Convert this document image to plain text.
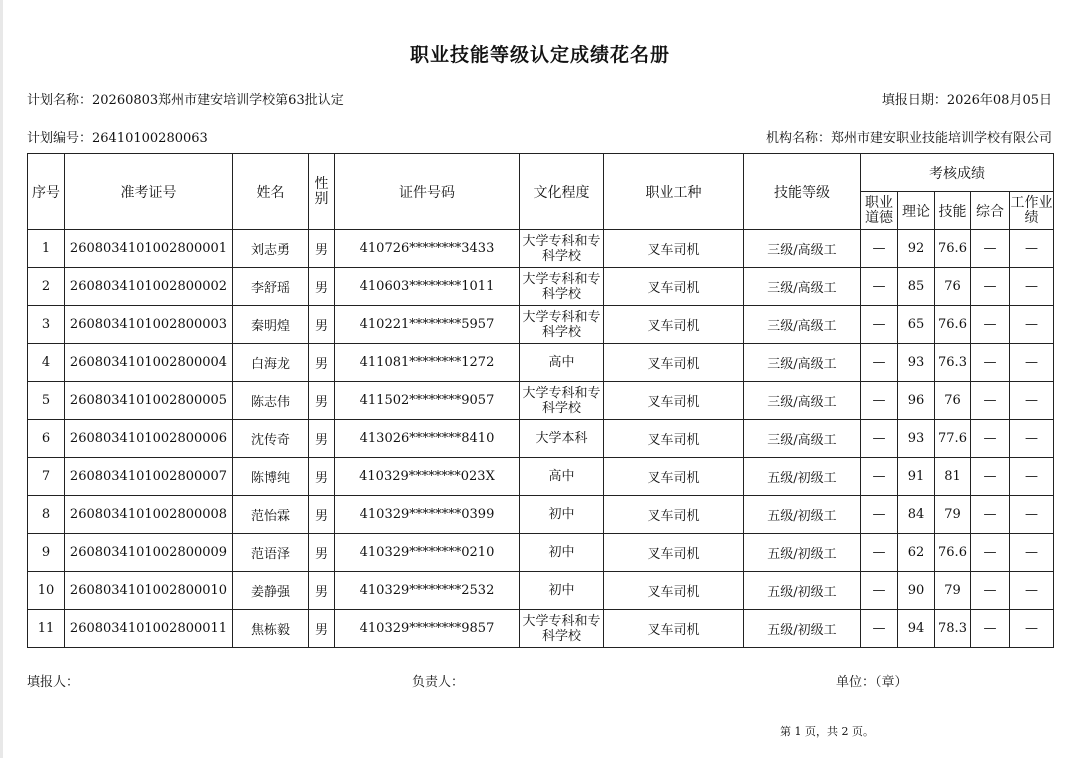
职业技能等级认定成绩花名册
计划名称：20260803郑州市建安培训学校第63批认定	填报日期：2026年08月05日
计划编号：26410100280063	机构名称：郑州市建安职业技能培训学校有限公司
序号	准考证号	姓名	性别	证件号码	文化程度	职业工种	技能等级	考核成绩				
								职业道德	理论	技能	综合	工作业绩
1	2608034101002800001	刘志勇	男	410726********3433	大学专科和专科学校	叉车司机	三级/高级工	—	92	76.6	—	—
2	2608034101002800002	李舒瑶	男	410603********1011	大学专科和专科学校	叉车司机	三级/高级工	—	85	76	—	—
3	2608034101002800003	秦明煌	男	410221********5957	大学专科和专科学校	叉车司机	三级/高级工	—	65	76.6	—	—
4	2608034101002800004	白海龙	男	411081********1272	高中	叉车司机	三级/高级工	—	93	76.3	—	—
5	2608034101002800005	陈志伟	男	411502********9057	大学专科和专科学校	叉车司机	三级/高级工	—	96	76	—	—
6	2608034101002800006	沈传奇	男	413026********8410	大学本科	叉车司机	三级/高级工	—	93	77.6	—	—
7	2608034101002800007	陈博纯	男	410329********023X	高中	叉车司机	五级/初级工	—	91	81	—	—
8	2608034101002800008	范怡霖	男	410329********0399	初中	叉车司机	五级/初级工	—	84	79	—	—
9	2608034101002800009	范语泽	男	410329********0210	初中	叉车司机	五级/初级工	—	62	76.6	—	—
10	2608034101002800010	姜静强	男	410329********2532	初中	叉车司机	五级/初级工	—	90	79	—	—
11	2608034101002800011	焦栋毅	男	410329********9857	大学专科和专科学校	叉车司机	五级/初级工	—	94	78.3	—	—
填报人：	负责人：	单位：（章）
第 1 页，共 2 页。
